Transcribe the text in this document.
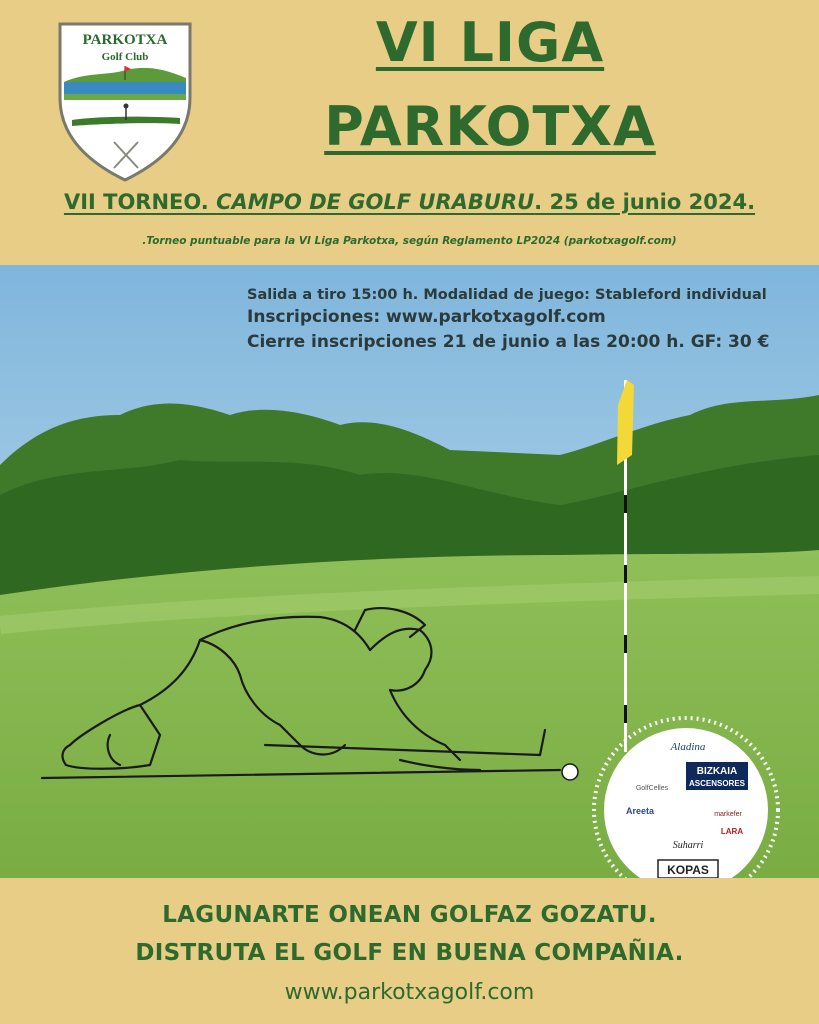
PARKOTXA
Golf Club	VI LIGA
PARKOTXA
VII TORNEO. CAMPO DE GOLF URABURU. 25 de junio 2024.
.Torneo puntuable para la VI Liga Parkotxa, según Reglamento LP2024 (parkotxagolf.com)
Salida a tiro 15:00 h. Modalidad de juego: Stableford individual
Inscripciones: www.parkotxagolf.com
Cierre inscripciones 21 de junio a las 20:00 h. GF: 30 €
Aladina
BIZKAIA
ASCENSORES
GolfCelles
Areeta	markefer
LARA
Suharri
KOPAS
LAGUNARTE ONEAN GOLFAZ GOZATU.
DISTRUTA EL GOLF EN BUENA COMPAÑIA.
www.parkotxagolf.com
